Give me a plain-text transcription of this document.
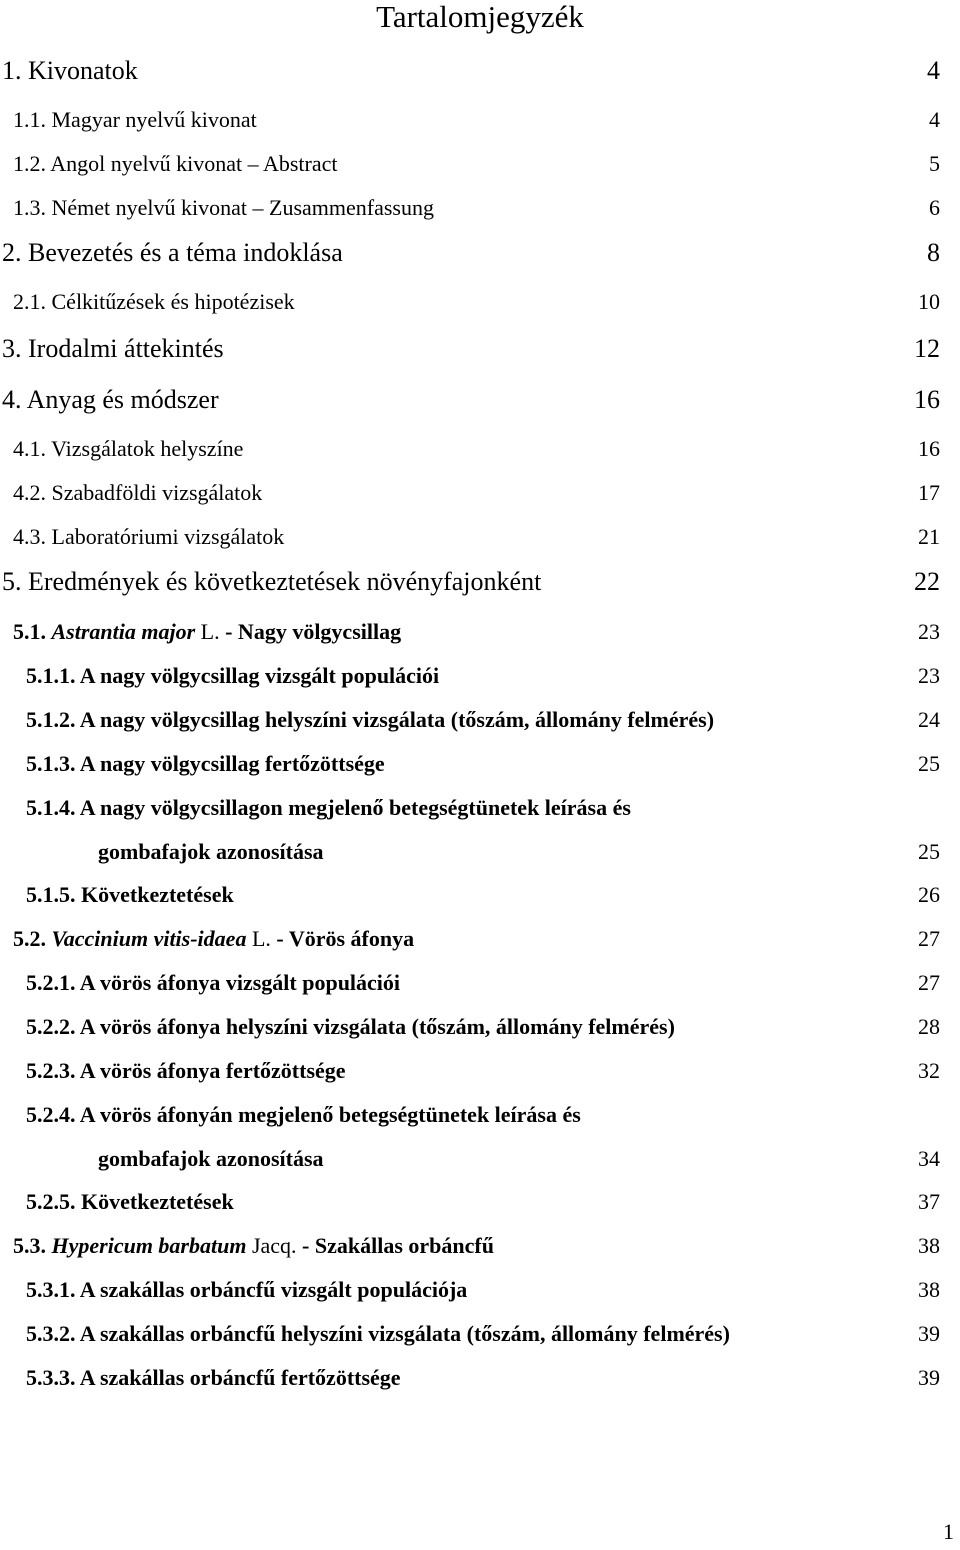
Tartalomjegyzék
1. Kivonatok	4
1.1. Magyar nyelvű kivonat	4
1.2. Angol nyelvű kivonat – Abstract	5
1.3. Német nyelvű kivonat – Zusammenfassung	6
2. Bevezetés és a téma indoklása	8
2.1. Célkitűzések és hipotézisek	10
3. Irodalmi áttekintés	12
4. Anyag és módszer	16
4.1. Vizsgálatok helyszíne	16
4.2. Szabadföldi vizsgálatok	17
4.3. Laboratóriumi vizsgálatok	21
5. Eredmények és következtetések növényfajonként	22
5.1. Astrantia major L. - Nagy völgycsillag	23
5.1.1. A nagy völgycsillag vizsgált populációi	23
5.1.2. A nagy völgycsillag helyszíni vizsgálata (tőszám, állomány felmérés)	24
5.1.3. A nagy völgycsillag fertőzöttsége	25
5.1.4. A nagy völgycsillagon megjelenő betegségtünetek leírása és
gombafajok azonosítása	25
5.1.5. Következtetések	26
5.2. Vaccinium vitis-idaea L. - Vörös áfonya	27
5.2.1. A vörös áfonya vizsgált populációi	27
5.2.2. A vörös áfonya helyszíni vizsgálata (tőszám, állomány felmérés)	28
5.2.3. A vörös áfonya fertőzöttsége	32
5.2.4. A vörös áfonyán megjelenő betegségtünetek leírása és
gombafajok azonosítása	34
5.2.5. Következtetések	37
5.3. Hypericum barbatum Jacq. - Szakállas orbáncfű	38
5.3.1. A szakállas orbáncfű vizsgált populációja	38
5.3.2. A szakállas orbáncfű helyszíni vizsgálata (tőszám, állomány felmérés)	39
5.3.3. A szakállas orbáncfű fertőzöttsége	39
1
